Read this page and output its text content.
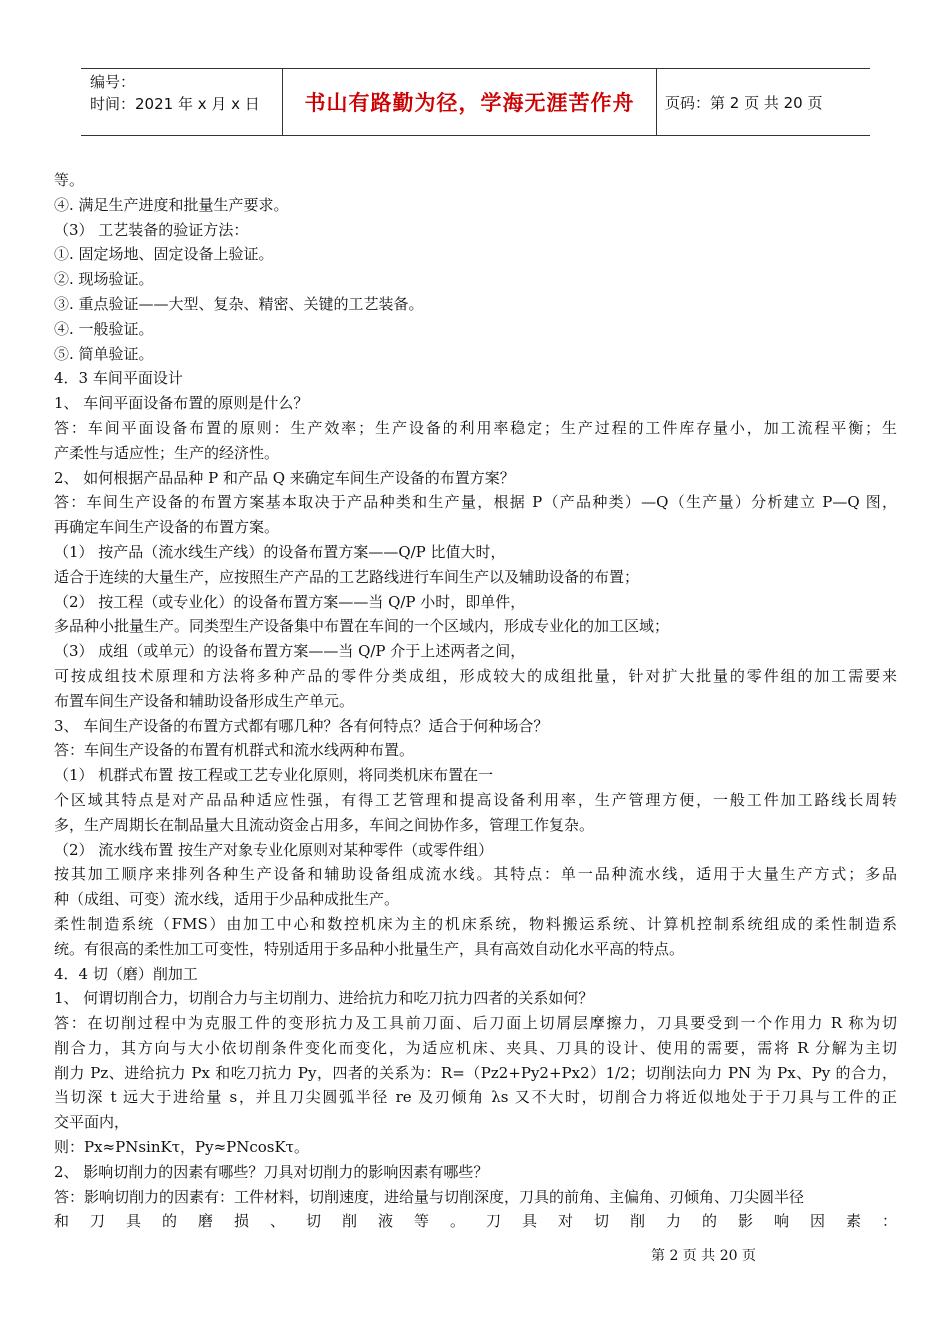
编号：
时间：2021 年 x 月 x 日	书山有路勤为径，学海无涯苦作舟	页码：第 2 页 共 20 页
等。
④. 满足生产进度和批量生产要求。
（3） 工艺装备的验证方法：
①. 固定场地、固定设备上验证。
②. 现场验证。
③. 重点验证——大型、复杂、精密、关键的工艺装备。
④. 一般验证。
⑤. 简单验证。
4．3 车间平面设计
1、 车间平面设备布置的原则是什么？
答：车间平面设备布置的原则：生产效率；生产设备的利用率稳定；生产过程的工件库存量小，加工流程平衡；生
产柔性与适应性；生产的经济性。
2、 如何根据产品品种 P 和产品 Q 来确定车间生产设备的布置方案？
答：车间生产设备的布置方案基本取决于产品种类和生产量，根据 P（产品种类）—Q（生产量）分析建立 P—Q 图，
再确定车间生产设备的布置方案。
（1） 按产品（流水线生产线）的设备布置方案——Q/P 比值大时，
适合于连续的大量生产，应按照生产产品的工艺路线进行车间生产以及辅助设备的布置；
（2） 按工程（或专业化）的设备布置方案——当 Q/P 小时，即单件，
多品种小批量生产。同类型生产设备集中布置在车间的一个区域内，形成专业化的加工区域；
（3） 成组（或单元）的设备布置方案——当 Q/P 介于上述两者之间，
可按成组技术原理和方法将多种产品的零件分类成组，形成较大的成组批量，针对扩大批量的零件组的加工需要来
布置车间生产设备和辅助设备形成生产单元。
3、 车间生产设备的布置方式都有哪几种？各有何特点？适合于何种场合？
答：车间生产设备的布置有机群式和流水线两种布置。
（1） 机群式布置 按工程或工艺专业化原则，将同类机床布置在一
个区域其特点是对产品品种适应性强，有得工艺管理和提高设备利用率，生产管理方便，一般工件加工路线长周转
多，生产周期长在制品量大且流动资金占用多，车间之间协作多，管理工作复杂。
（2） 流水线布置 按生产对象专业化原则对某种零件（或零件组）
按其加工顺序来排列各种生产设备和辅助设备组成流水线。其特点：单一品种流水线，适用于大量生产方式；多品
种（成组、可变）流水线，适用于少品种成批生产。
柔性制造系统（FMS）由加工中心和数控机床为主的机床系统，物料搬运系统、计算机控制系统组成的柔性制造系
统。有很高的柔性加工可变性，特别适用于多品种小批量生产，具有高效自动化水平高的特点。
4．4 切（磨）削加工
1、 何谓切削合力，切削合力与主切削力、进给抗力和吃刀抗力四者的关系如何？
答：在切削过程中为克服工件的变形抗力及工具前刀面、后刀面上切屑层摩擦力，刀具要受到一个作用力 R 称为切
削合力，其方向与大小依切削条件变化而变化，为适应机床、夹具、刀具的设计、使用的需要，需将 R 分解为主切
削力 Pz、进给抗力 Px 和吃刀抗力 Py，四者的关系为：R=（Pz2+Py2+Px2）1/2；切削法向力 PN 为 Px、Py 的合力，
当切深 t 远大于进给量 s，并且刀尖圆弧半径 re 及刃倾角 λs 又不大时，切削合力将近似地处于于刀具与工件的正
交平面内，
则：Px≈PNsinKτ，Py≈PNcosKτ。
2、 影响切削力的因素有哪些？刀具对切削力的影响因素有哪些？
答：影响切削力的因素有：工件材料，切削速度，进给量与切削深度，刀具的前角、主偏角、刃倾角、刀尖圆半径
和刀具的磨损、切削液等。刀具对切削力的影响因素：
第 2 页 共 20 页
